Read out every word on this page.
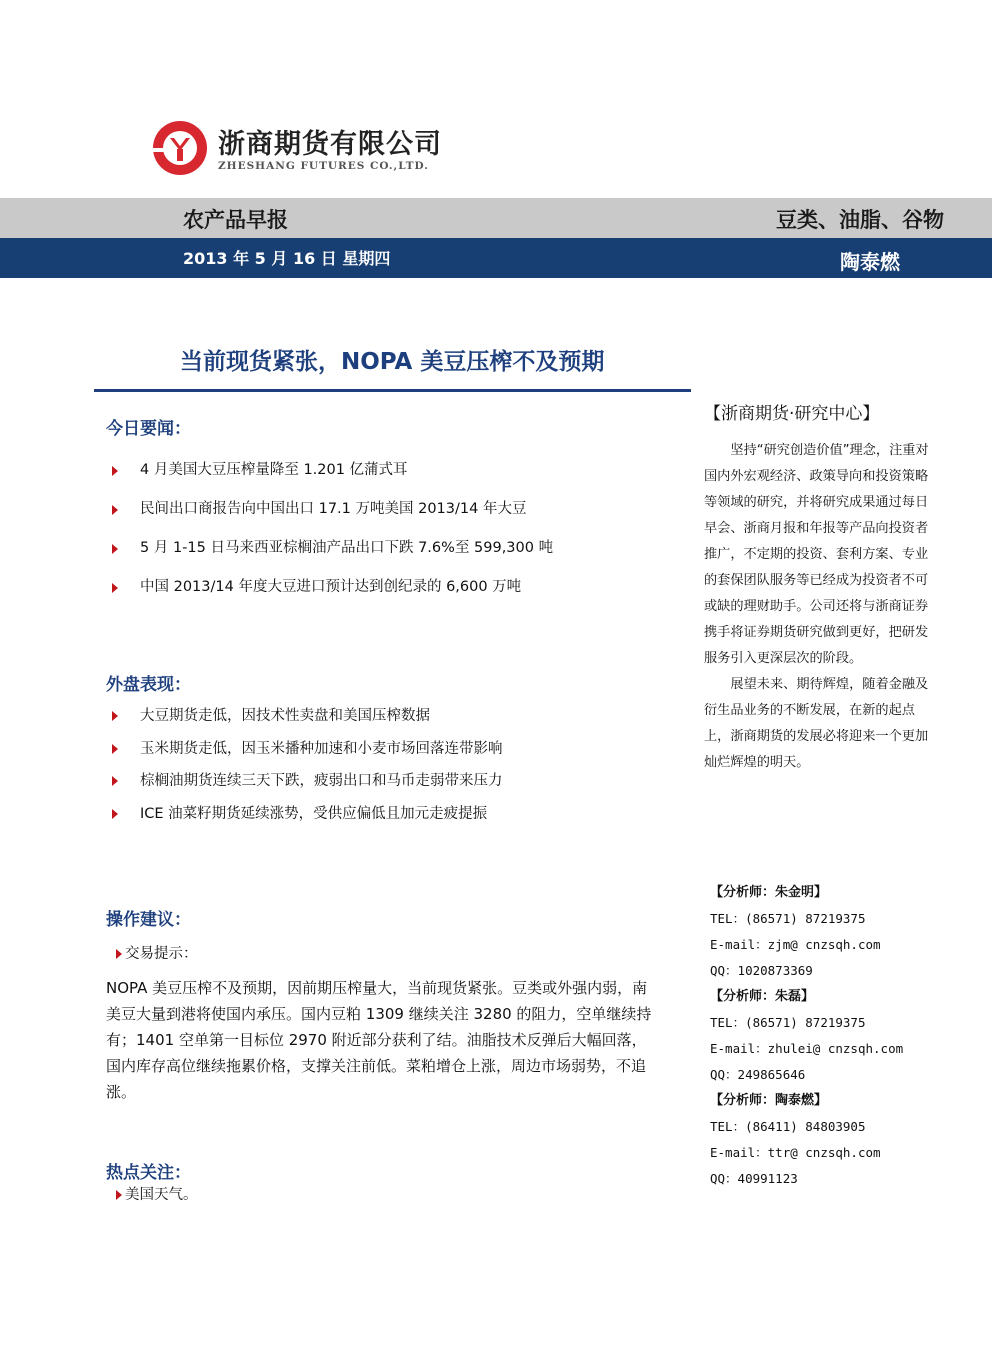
浙商期货有限公司
ZHESHANG FUTURES CO.,LTD.
农产品早报	豆类、油脂、谷物
2013 年 5 月 16 日 星期四	陶泰燃
当前现货紧张，NOPA 美豆压榨不及预期
今日要闻：
4 月美国大豆压榨量降至 1.201 亿蒲式耳
民间出口商报告向中国出口 17.1 万吨美国 2013/14 年大豆
5 月 1-15 日马来西亚棕榈油产品出口下跌 7.6%至 599,300 吨
中国 2013/14 年度大豆进口预计达到创纪录的 6,600 万吨
外盘表现：
大豆期货走低，因技术性卖盘和美国压榨数据
玉米期货走低，因玉米播种加速和小麦市场回落连带影响
棕榈油期货连续三天下跌，疲弱出口和马币走弱带来压力
ICE 油菜籽期货延续涨势，受供应偏低且加元走疲提振
操作建议：
交易提示：

NOPA 美豆压榨不及预期，因前期压榨量大，当前现货紧张。豆类或外强内弱，南美豆大量到港将使国内承压。国内豆粕 1309 继续关注 3280 的阻力，空单继续持有；1401 空单第一目标位 2970 附近部分获利了结。油脂技术反弹后大幅回落，国内库存高位继续拖累价格，支撑关注前低。菜粕增仓上涨，周边市场弱势，不追涨。

热点关注：
美国天气。
【浙商期货·研究中心】

坚持“研究创造价值”理念，注重对国内外宏观经济、政策导向和投资策略等领域的研究，并将研究成果通过每日早会、浙商月报和年报等产品向投资者推广，不定期的投资、套利方案、专业的套保团队服务等已经成为投资者不可或缺的理财助手。公司还将与浙商证券携手将证券期货研究做到更好，把研发服务引入更深层次的阶段。

展望未来、期待辉煌，随着金融及衍生品业务的不断发展，在新的起点上，浙商期货的发展必将迎来一个更加灿烂辉煌的明天。

【分析师：朱金明】
TEL：(86571) 87219375
E-mail：zjm@ cnzsqh.com
QQ：1020873369
【分析师：朱磊】
TEL：(86571) 87219375
E-mail：zhulei@ cnzsqh.com
QQ：249865646
【分析师：陶泰燃】
TEL：(86411) 84803905
E-mail：ttr@ cnzsqh.com
QQ：40991123
